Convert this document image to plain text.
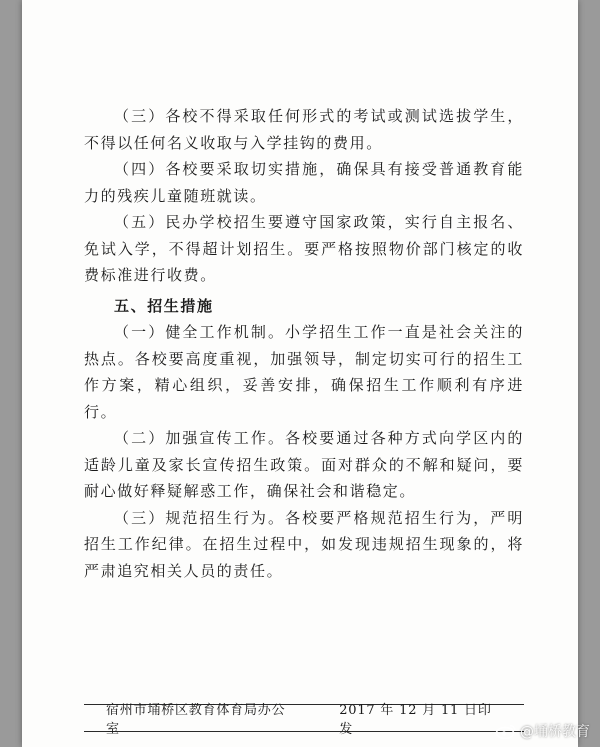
（三）各校不得采取任何形式的考试或测试选拔学生，不得以任何名义收取与入学挂钩的费用。

（四）各校要采取切实措施，确保具有接受普通教育能力的残疾儿童随班就读。

（五）民办学校招生要遵守国家政策，实行自主报名、免试入学，不得超计划招生。要严格按照物价部门核定的收费标准进行收费。

五、招生措施

（一）健全工作机制。小学招生工作一直是社会关注的热点。各校要高度重视，加强领导，制定切实可行的招生工作方案，精心组织，妥善安排，确保招生工作顺利有序进行。

（二）加强宣传工作。各校要通过各种方式向学区内的适龄儿童及家长宣传招生政策。面对群众的不解和疑问，要耐心做好释疑解惑工作，确保社会和谐稳定。

（三）规范招生行为。各校要严格规范招生行为，严明招生工作纪律。在招生过程中，如发现违规招生现象的，将严肃追究相关人员的责任。

宿州市埇桥区教育体育局办公室
2017 年 12 月 11 日印发	@埇桥教育
